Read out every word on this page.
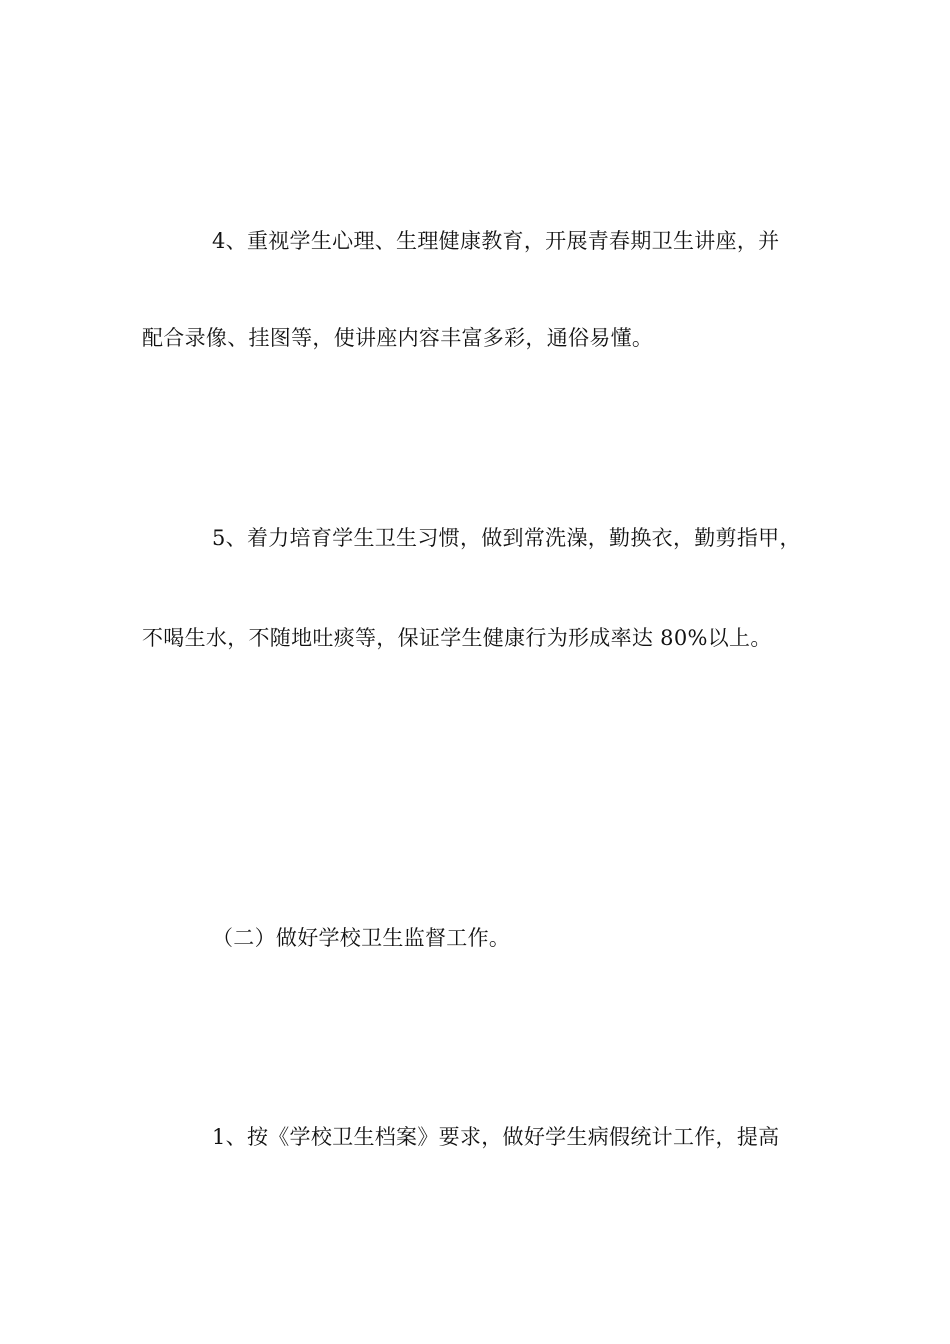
4、重视学生心理、生理健康教育，开展青春期卫生讲座，并
配合录像、挂图等，使讲座内容丰富多彩，通俗易懂。
5、着力培育学生卫生习惯，做到常洗澡，勤换衣，勤剪指甲，
不喝生水，不随地吐痰等，保证学生健康行为形成率达 80%以上。
（二）做好学校卫生监督工作。
1、按《学校卫生档案》要求，做好学生病假统计工作，提高
